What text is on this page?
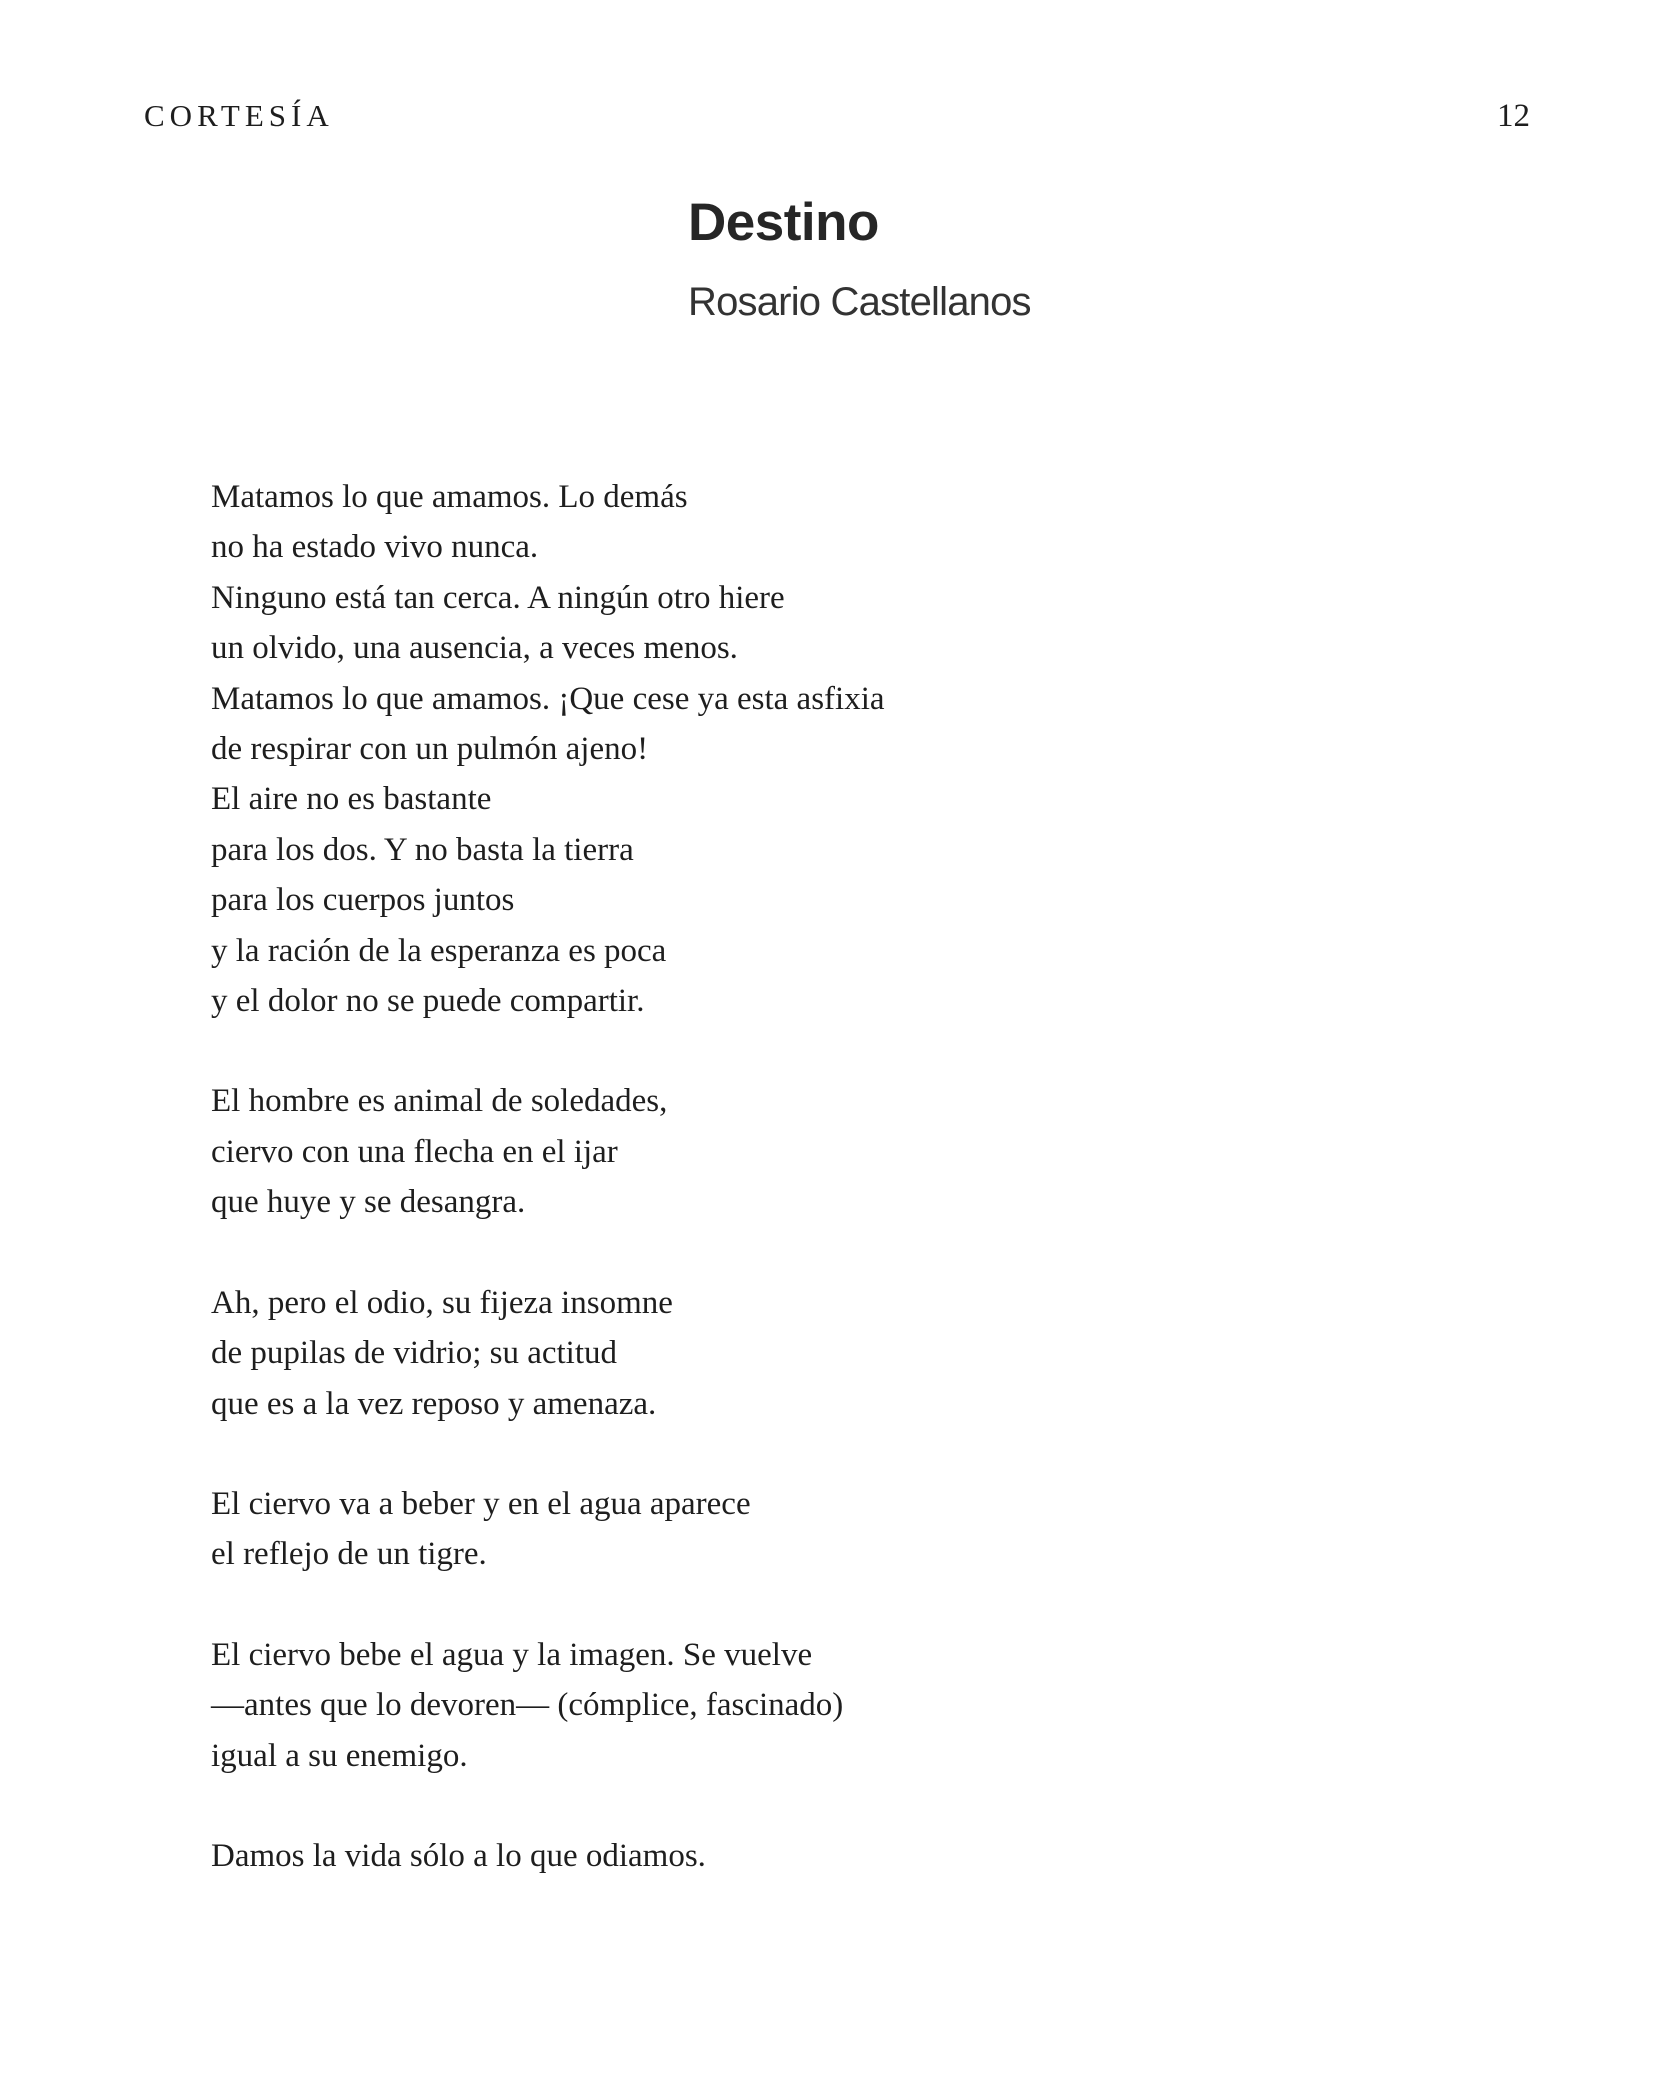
CORTESÍA	12
Destino
Rosario Castellanos
Matamos lo que amamos. Lo demás
no ha estado vivo nunca.
Ninguno está tan cerca. A ningún otro hiere
un olvido, una ausencia, a veces menos.
Matamos lo que amamos. ¡Que cese ya esta asfixia
de respirar con un pulmón ajeno!
El aire no es bastante
para los dos. Y no basta la tierra
para los cuerpos juntos
y la ración de la esperanza es poca
y el dolor no se puede compartir.
El hombre es animal de soledades,
ciervo con una flecha en el ijar
que huye y se desangra.
Ah, pero el odio, su fijeza insomne
de pupilas de vidrio; su actitud
que es a la vez reposo y amenaza.
El ciervo va a beber y en el agua aparece
el reflejo de un tigre.
El ciervo bebe el agua y la imagen. Se vuelve
—antes que lo devoren— (cómplice, fascinado)
igual a su enemigo.
Damos la vida sólo a lo que odiamos.
